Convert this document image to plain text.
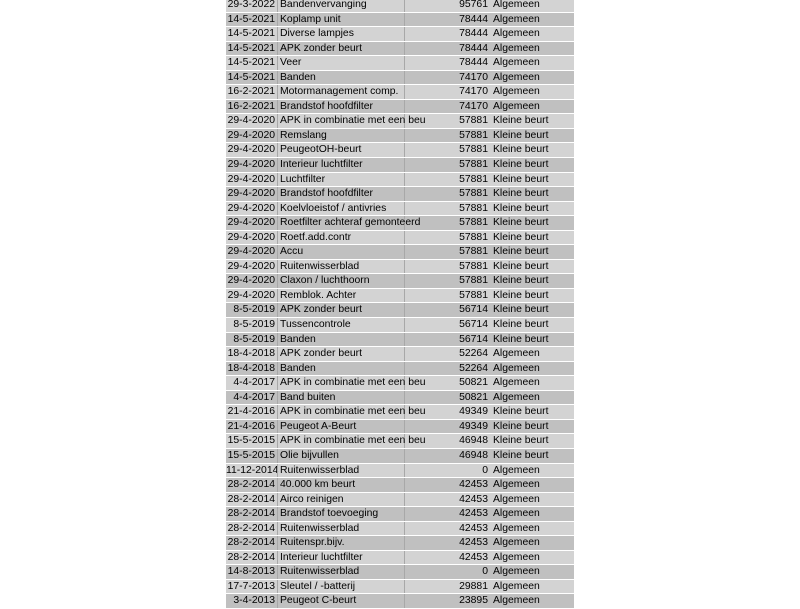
29-3-2022 Bandenvervanging	95761 Algemeen
14-5-2021 Koplamp unit	78444 Algemeen
14-5-2021 Diverse lampjes	78444 Algemeen
14-5-2021 APK zonder beurt	78444 Algemeen
14-5-2021 Veer	78444 Algemeen
14-5-2021 Banden	74170 Algemeen
16-2-2021 Motormanagement comp.	74170 Algemeen
16-2-2021 Brandstof hoofdfilter	74170 Algemeen
29-4-2020 APK in combinatie met een beu	57881 Kleine beurt
29-4-2020 Remslang	57881 Kleine beurt
29-4-2020 PeugeotOH-beurt	57881 Kleine beurt
29-4-2020 Interieur luchtfilter	57881 Kleine beurt
29-4-2020 Luchtfilter	57881 Kleine beurt
29-4-2020 Brandstof hoofdfilter	57881 Kleine beurt
29-4-2020 Koelvloeistof / antivries	57881 Kleine beurt
29-4-2020 Roetfilter achteraf gemonteerd	57881 Kleine beurt
29-4-2020 Roetf.add.contr	57881 Kleine beurt
29-4-2020 Accu	57881 Kleine beurt
29-4-2020 Ruitenwisserblad	57881 Kleine beurt
29-4-2020 Claxon / luchthoorn	57881 Kleine beurt
29-4-2020 Remblok. Achter	57881 Kleine beurt
8-5-2019 APK zonder beurt	56714 Kleine beurt
8-5-2019 Tussencontrole	56714 Kleine beurt
8-5-2019 Banden	56714 Kleine beurt
18-4-2018 APK zonder beurt	52264 Algemeen
18-4-2018 Banden	52264 Algemeen
4-4-2017 APK in combinatie met een beu	50821 Algemeen
4-4-2017 Band buiten	50821 Algemeen
21-4-2016 APK in combinatie met een beu	49349 Kleine beurt
21-4-2016 Peugeot A-Beurt	49349 Kleine beurt
15-5-2015 APK in combinatie met een beu	46948 Kleine beurt
15-5-2015 Olie bijvullen	46948 Kleine beurt
11-12-2014 Ruitenwisserblad	0 Algemeen
28-2-2014 40.000 km beurt	42453 Algemeen
28-2-2014 Airco reinigen	42453 Algemeen
28-2-2014 Brandstof toevoeging	42453 Algemeen
28-2-2014 Ruitenwisserblad	42453 Algemeen
28-2-2014 Ruitenspr.bijv.	42453 Algemeen
28-2-2014 Interieur luchtfilter	42453 Algemeen
14-8-2013 Ruitenwisserblad	0 Algemeen
17-7-2013 Sleutel / -batterij	29881 Algemeen
3-4-2013 Peugeot C-beurt	23895 Algemeen
